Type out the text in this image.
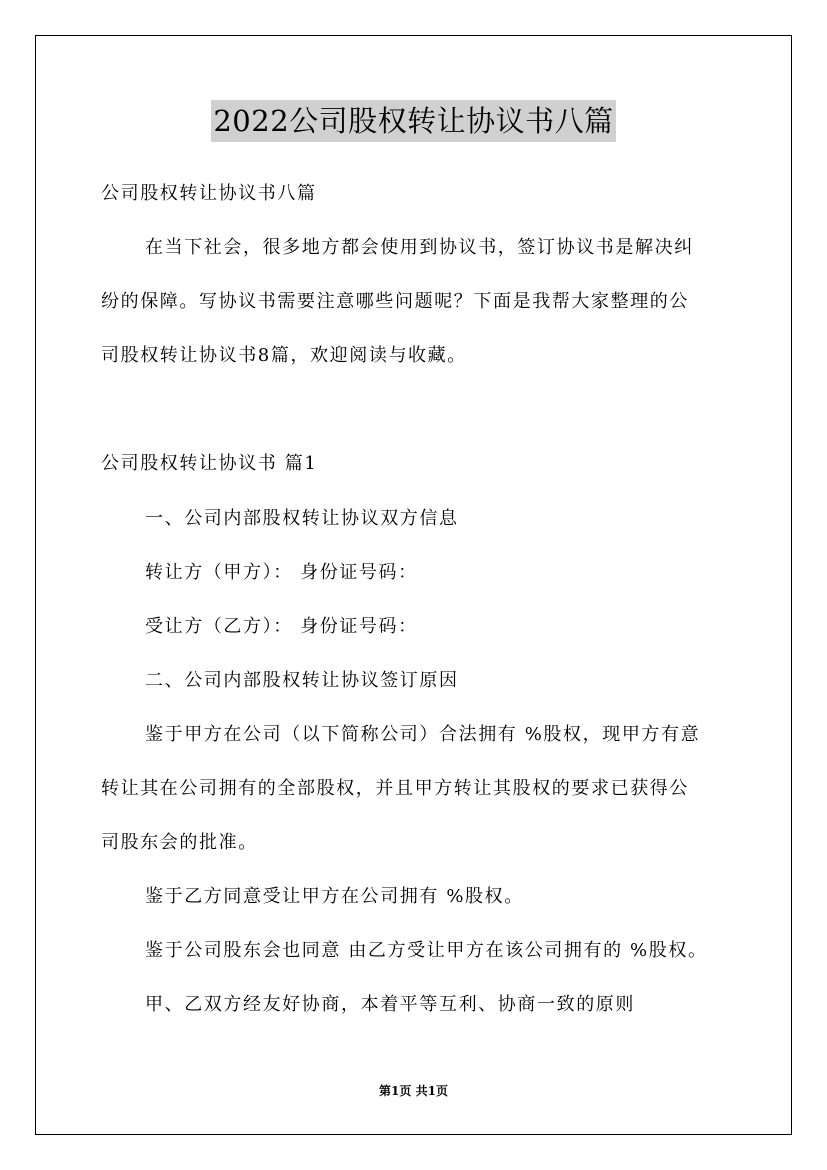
2022公司股权转让协议书八篇
公司股权转让协议书八篇
在当下社会，很多地方都会使用到协议书，签订协议书是解决纠
纷的保障。写协议书需要注意哪些问题呢？下面是我帮大家整理的公
司股权转让协议书8篇，欢迎阅读与收藏。
公司股权转让协议书 篇1
一、公司内部股权转让协议双方信息
转让方（甲方）： 身份证号码：
受让方（乙方）： 身份证号码：
二、公司内部股权转让协议签订原因
鉴于甲方在公司（以下简称公司）合法拥有 %股权，现甲方有意
转让其在公司拥有的全部股权，并且甲方转让其股权的要求已获得公
司股东会的批准。
鉴于乙方同意受让甲方在公司拥有 %股权。
鉴于公司股东会也同意 由乙方受让甲方在该公司拥有的 %股权。
甲、乙双方经友好协商，本着平等互利、协商一致的原则
第1页 共1页
